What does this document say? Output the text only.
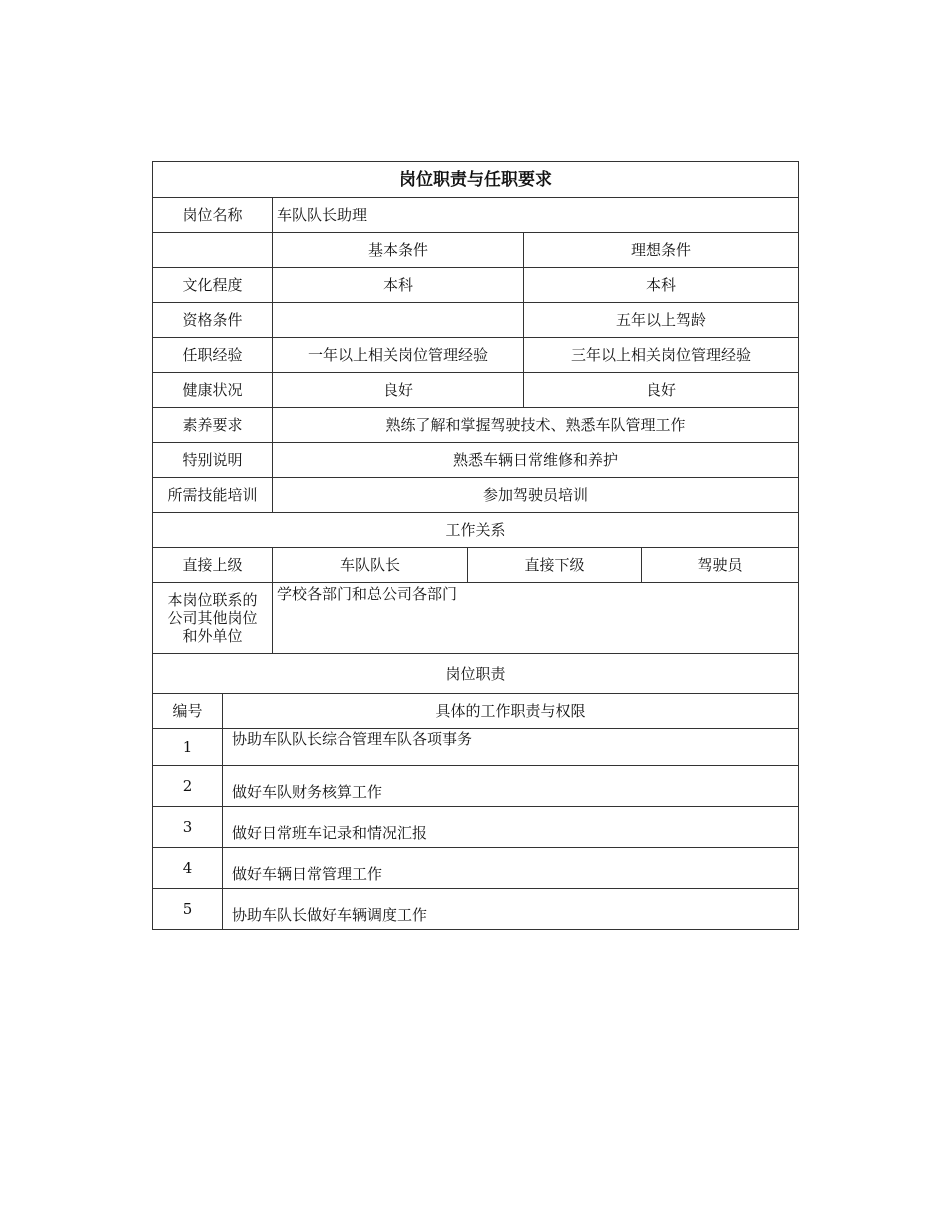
岗位职责与任职要求				
岗位名称	车队队长助理			
	基本条件		理想条件	
文化程度	本科		本科	
资格条件			五年以上驾龄	
任职经验	一年以上相关岗位管理经验		三年以上相关岗位管理经验	
健康状况	良好		良好	
素养要求	熟练了解和掌握驾驶技术、熟悉车队管理工作			
特别说明	熟悉车辆日常维修和养护			
所需技能培训	参加驾驶员培训			
工作关系				
直接上级	车队队长	直接下级		驾驶员

本岗位联系的
公司其他岗位
和外单位	学校各部门和总公司各部门			
岗位职责	
编号	具体的工作职责与权限
1	协助车队队长综合管理车队各项事务
2	做好车队财务核算工作
3	做好日常班车记录和情况汇报
4	做好车辆日常管理工作
5	协助车队长做好车辆调度工作
